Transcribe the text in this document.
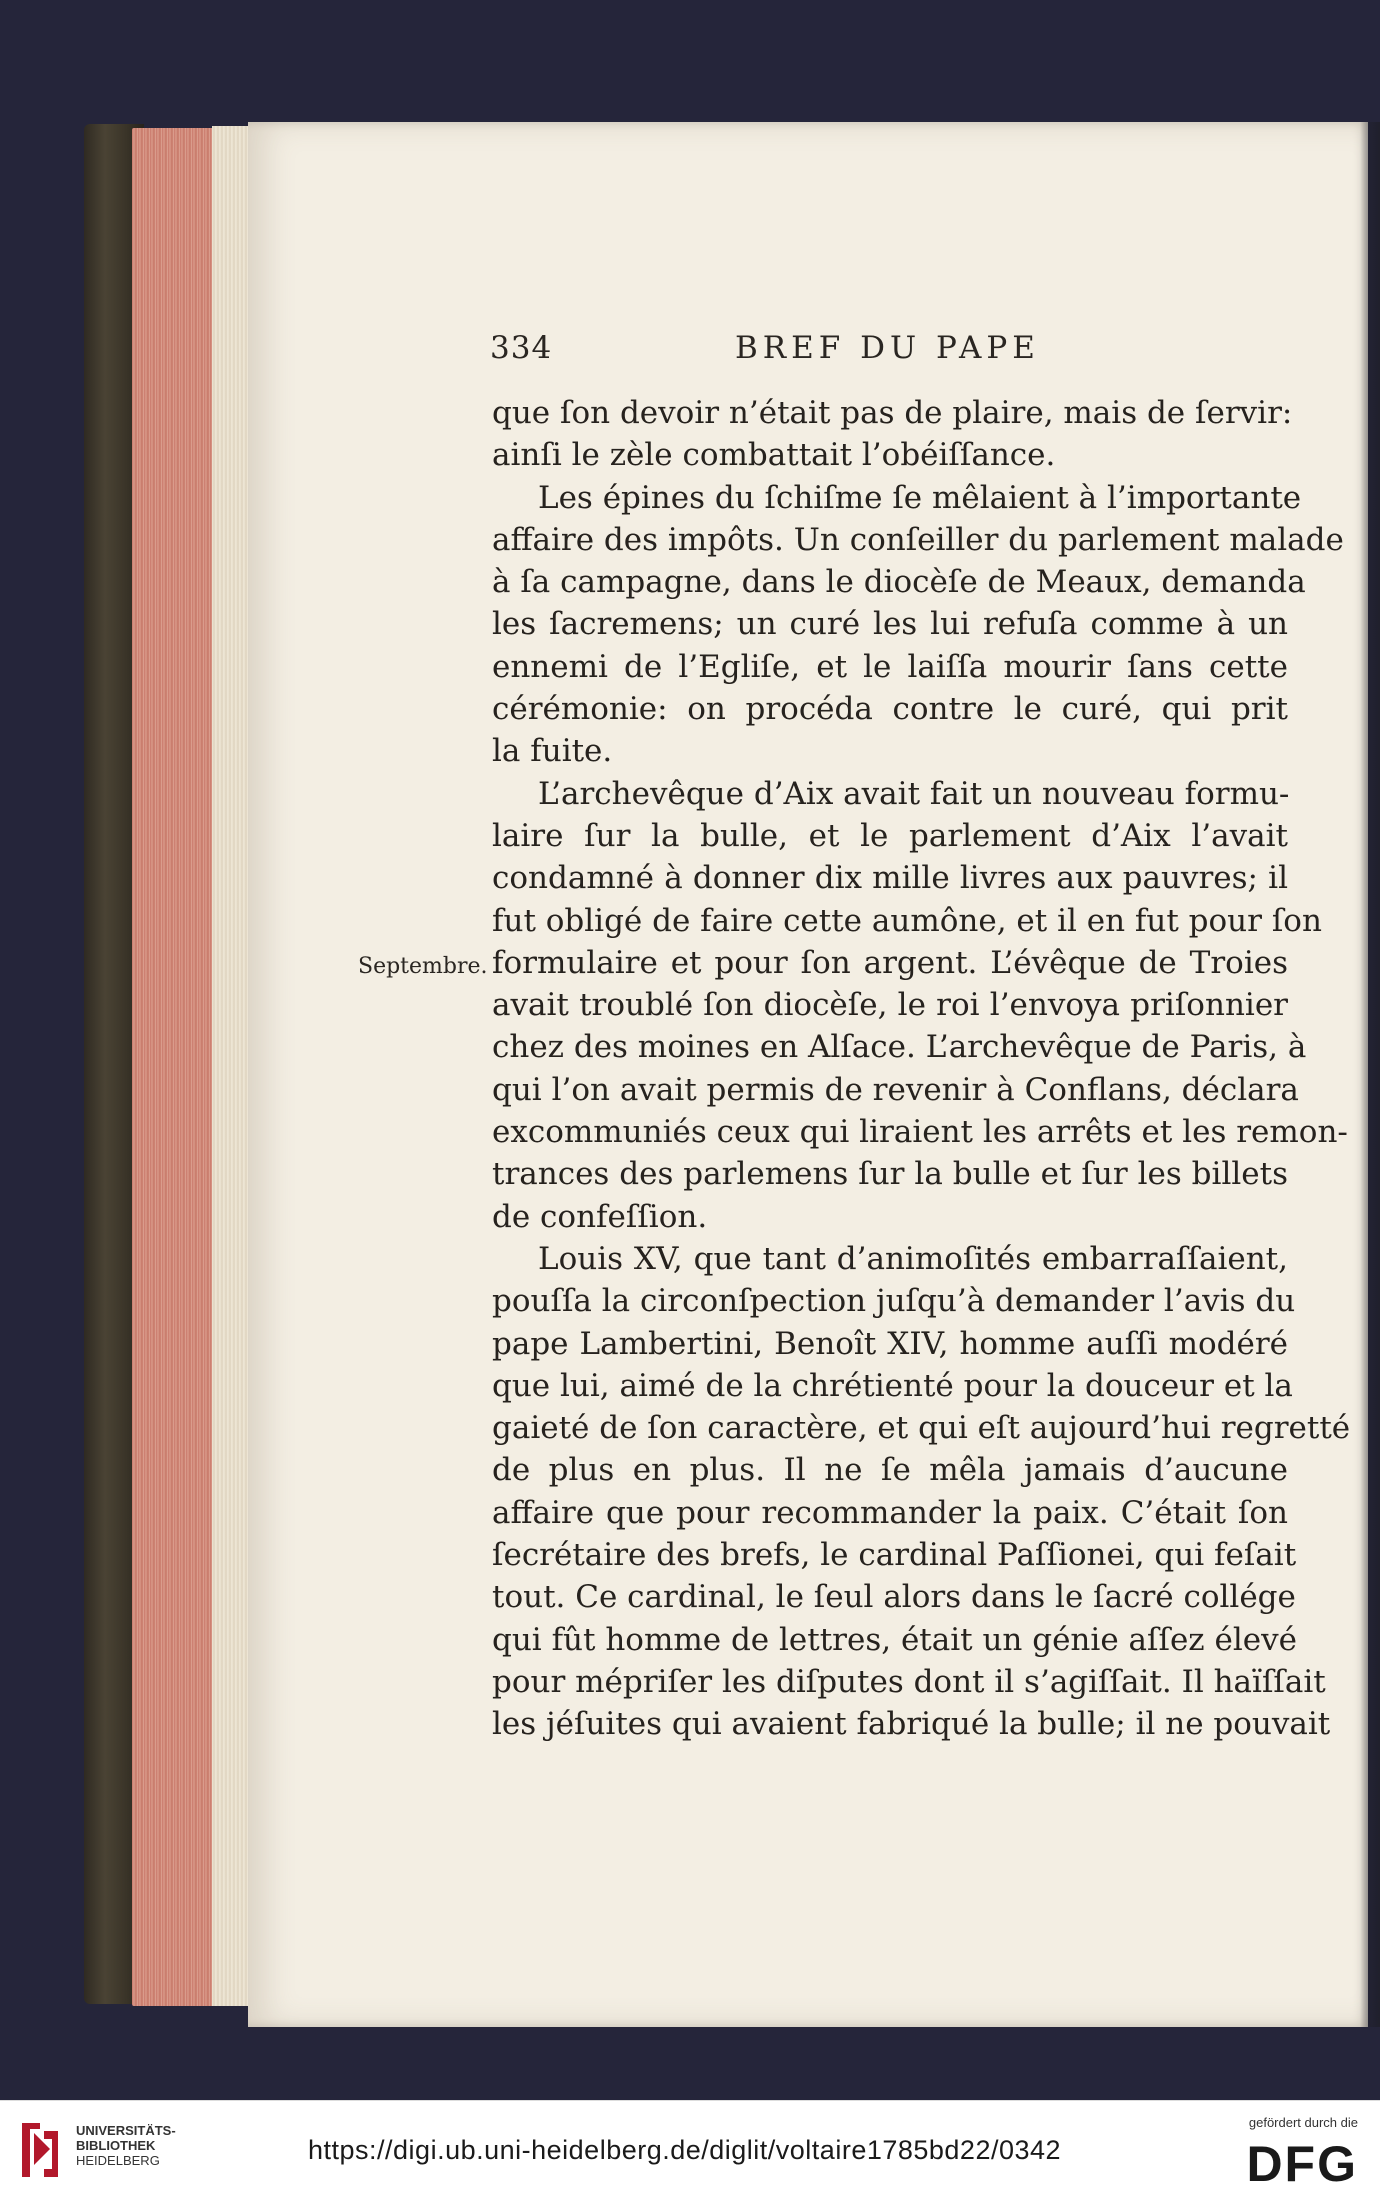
334	BREF DU PAPE
Septembre.
que ſon devoir n’était pas de plaire, mais de ſervir:
ainſi le zèle combattait l’obéiſſance.
Les épines du ſchiſme ſe mêlaient à l’importante
affaire des impôts. Un conſeiller du parlement malade
à ſa campagne, dans le diocèſe de Meaux, demanda
les ſacremens; un curé les lui refuſa comme à un
ennemi de l’Egliſe, et le laiſſa mourir ſans cette
cérémonie: on procéda contre le curé, qui prit
la fuite.
L’archevêque d’Aix avait fait un nouveau formu-
laire ſur la bulle, et le parlement d’Aix l’avait
condamné à donner dix mille livres aux pauvres; il
fut obligé de faire cette aumône, et il en fut pour ſon
formulaire et pour ſon argent. L’évêque de Troies
avait troublé ſon diocèſe, le roi l’envoya priſonnier
chez des moines en Alſace. L’archevêque de Paris, à
qui l’on avait permis de revenir à Conflans, déclara
excommuniés ceux qui liraient les arrêts et les remon-
trances des parlemens ſur la bulle et ſur les billets
de confeſſion.
Louis XV, que tant d’animoſités embarraſſaient,
pouſſa la circonſpection juſqu’à demander l’avis du
pape Lambertini, Benoît XIV, homme auſſi modéré
que lui, aimé de la chrétienté pour la douceur et la
gaieté de ſon caractère, et qui eſt aujourd’hui regretté
de plus en plus. Il ne ſe mêla jamais d’aucune
affaire que pour recommander la paix. C’était ſon
ſecrétaire des brefs, le cardinal Paſſionei, qui feſait
tout. Ce cardinal, le ſeul alors dans le ſacré collége
qui fût homme de lettres, était un génie aſſez élevé
pour mépriſer les diſputes dont il s’agiſſait. Il haïſſait
les jéſuites qui avaient fabriqué la bulle; il ne pouvait
UNIVERSITÄTS-
BIBLIOTHEK
HEIDELBERG	https://digi.ub.uni-heidelberg.de/diglit/voltaire1785bd22/0342
gefördert durch die
DFG
